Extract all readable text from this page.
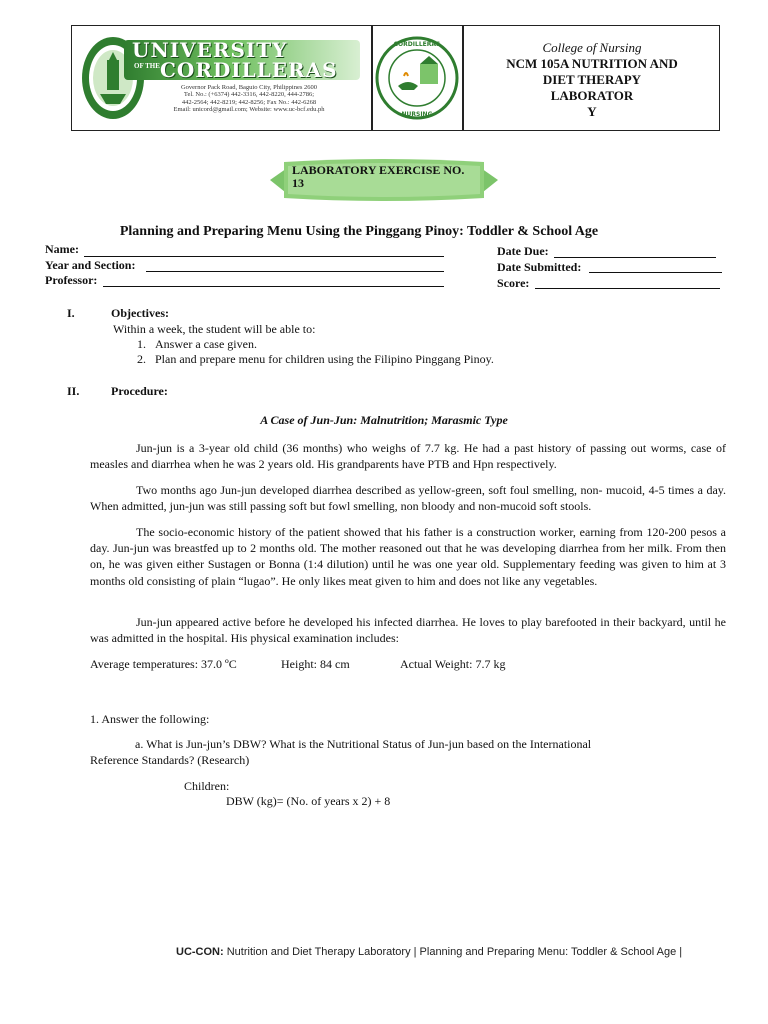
UNIVERSITY
OF THE CORDILLERAS
Governor Pack Road, Baguio City, Philippines 2600
Tel. No.: (+6374) 442-3316, 442-8220, 444-2786;
442-2564; 442-8219; 442-8256; Fax No.: 442-6268
Email: unicord@gmail.com; Website: www.uc-bcf.edu.ph
CORDILLERAS
NURSING
College of Nursing
NCM 105A NUTRITION AND
DIET THERAPY
LABORATOR
Y
LABORATORY EXERCISE NO.
13
Planning and Preparing Menu Using the Pinggang Pinoy: Toddler & School Age
Name:
Year and Section:
Professor:
Date Due:
Date Submitted:
Score:
I.	Objectives:
Within a week, the student will be able to:
1.   Answer a case given.
2.   Plan and prepare menu for children using the Filipino Pinggang Pinoy.
II.	Procedure:
A Case of Jun-Jun: Malnutrition; Marasmic Type
Jun-jun is a 3-year old child (36 months) who weighs of 7.7 kg. He had a past history of passing out worms, case of measles and diarrhea when he was 2 years old. His grandparents have PTB and Hpn respectively.
Two months ago Jun-jun developed diarrhea described as yellow-green, soft foul smelling, non- mucoid, 4-5 times a day. When admitted, jun-jun was still passing soft but fowl smelling, non bloody and non-mucoid soft stools.
The socio-economic history of the patient showed that his father is a construction worker, earning from 120-200 pesos a day. Jun-jun was breastfed up to 2 months old. The mother reasoned out that he was developing diarrhea from her milk. From then on, he was given either Sustagen or Bonna (1:4 dilution) until he was one year old. Supplementary feeding was given to him at 3 months old consisting of plain “lugao”. He only likes meat given to him and does not like any vegetables.
Jun-jun appeared active before he developed his infected diarrhea. He loves to play barefooted in their backyard, until he was admitted in the hospital. His physical examination includes:
Average temperatures: 37.0 ºC	Height: 84 cm	Actual Weight: 7.7 kg
1. Answer the following:
a. What is Jun-jun’s DBW? What is the Nutritional Status of Jun-jun based on the International
Reference Standards? (Research)
Children:
DBW (kg)= (No. of years x 2) + 8
UC-CON: Nutrition and Diet Therapy Laboratory | Planning and Preparing Menu: Toddler & School Age |
